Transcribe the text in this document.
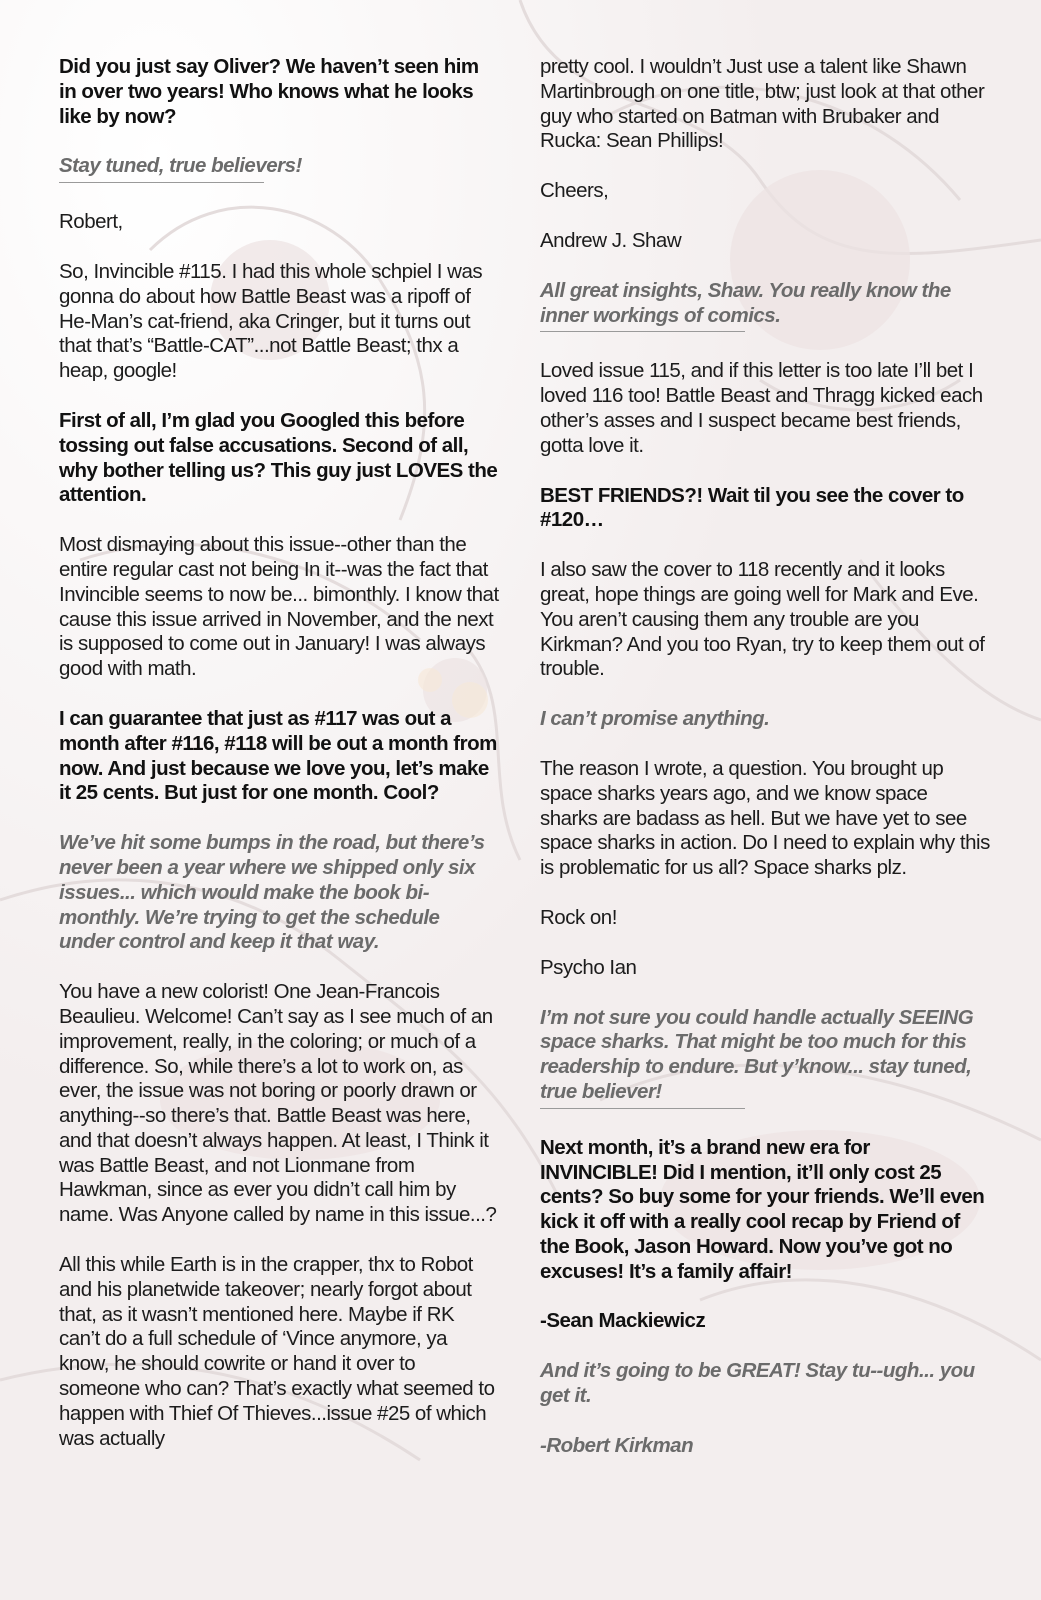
Did you just say Oliver? We haven’t seen him in over two years! Who knows what he looks like by now?

Stay tuned, true believers!

Robert,

So, Invincible #115. I had this whole schpiel I was gonna do about how Battle Beast was a ripoff of He-Man’s cat-friend, aka Cringer, but it turns out that that’s “Battle-CAT”...not Battle Beast; thx a heap, google!

First of all, I’m glad you Googled this before tossing out false accusations. Second of all, why bother telling us? This guy just LOVES the attention.

Most dismaying about this issue--other than the entire regular cast not being In it--was the fact that Invincible seems to now be... bimonthly. I know that cause this issue arrived in November, and the next is supposed to come out in January! I was always good with math.

I can guarantee that just as #117 was out a month after #116, #118 will be out a month from now. And just because we love you, let’s make it 25 cents. But just for one month. Cool?

We’ve hit some bumps in the road, but there’s never been a year where we shipped only six issues... which would make the book bi-monthly. We’re trying to get the schedule under control and keep it that way.

You have a new colorist! One Jean-Francois Beaulieu. Welcome! Can’t say as I see much of an improvement, really, in the coloring; or much of a difference. So, while there’s a lot to work on, as ever, the issue was not boring or poorly drawn or anything--so there’s that. Battle Beast was here, and that doesn’t always happen. At least, I Think it was Battle Beast, and not Lionmane from Hawkman, since as ever you didn’t call him by name. Was Anyone called by name in this issue...?

All this while Earth is in the crapper, thx to Robot and his planetwide takeover; nearly forgot about that, as it wasn’t mentioned here. Maybe if RK can’t do a full schedule of ‘Vince anymore, ya know, he should cowrite or hand it over to someone who can? That’s exactly what seemed to happen with Thief Of Thieves...issue #25 of which was actually

pretty cool. I wouldn’t Just use a talent like Shawn Martinbrough on one title, btw; just look at that other guy who started on Batman with Brubaker and Rucka: Sean Phillips!

Cheers,

Andrew J. Shaw

All great insights, Shaw. You really know the inner workings of comics.

Loved issue 115, and if this letter is too late I’ll bet I loved 116 too! Battle Beast and Thragg kicked each other’s asses and I suspect became best friends, gotta love it.

BEST FRIENDS?! Wait til you see the cover to #120…

I also saw the cover to 118 recently and it looks great, hope things are going well for Mark and Eve. You aren’t causing them any trouble are you Kirkman? And you too Ryan, try to keep them out of trouble.

I can’t promise anything.

The reason I wrote, a question. You brought up space sharks years ago, and we know space sharks are badass as hell. But we have yet to see space sharks in action. Do I need to explain why this is problematic for us all? Space sharks plz.

Rock on!

Psycho Ian

I’m not sure you could handle actually SEEING space sharks. That might be too much for this readership to endure. But y’know... stay tuned, true believer!

Next month, it’s a brand new era for INVINCIBLE! Did I mention, it’ll only cost 25 cents? So buy some for your friends. We’ll even kick it off with a really cool recap by Friend of the Book, Jason Howard. Now you’ve got no excuses! It’s a family affair!

-Sean Mackiewicz

And it’s going to be GREAT! Stay tu--ugh... you get it.

-Robert Kirkman
